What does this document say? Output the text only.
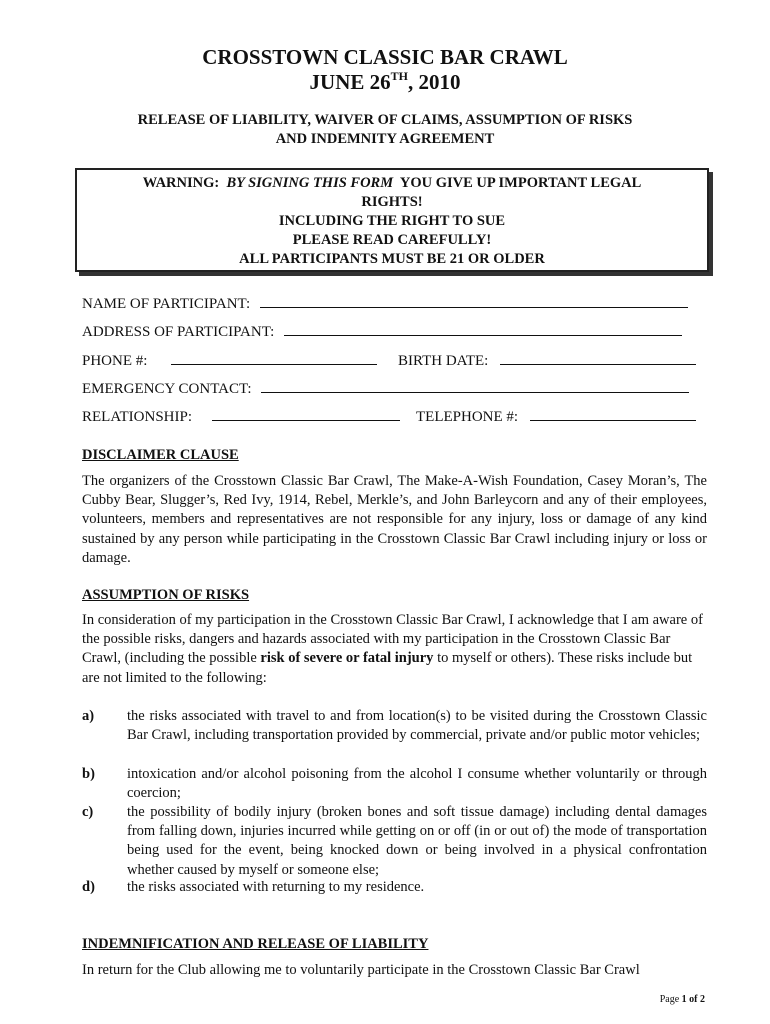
CROSSTOWN CLASSIC BAR CRAWL
JUNE 26TH, 2010
RELEASE OF LIABILITY, WAIVER OF CLAIMS, ASSUMPTION OF RISKS
AND INDEMNITY AGREEMENT
WARNING: BY SIGNING THIS FORM YOU GIVE UP IMPORTANT LEGAL
RIGHTS!
INCLUDING THE RIGHT TO SUE
PLEASE READ CAREFULLY!
ALL PARTICIPANTS MUST BE 21 OR OLDER
NAME OF PARTICIPANT:
ADDRESS OF PARTICIPANT:
PHONE #:	BIRTH DATE:
EMERGENCY CONTACT:
RELATIONSHIP:	TELEPHONE #:
DISCLAIMER CLAUSE
The organizers of the Crosstown Classic Bar Crawl, The Make-A-Wish Foundation, Casey Moran’s, The Cubby Bear, Slugger’s, Red Ivy, 1914, Rebel, Merkle’s, and John Barleycorn and any of their employees, volunteers, members and representatives are not responsible for any injury, loss or damage of any kind sustained by any person while participating in the Crosstown Classic Bar Crawl including injury or loss or damage.
ASSUMPTION OF RISKS
In consideration of my participation in the Crosstown Classic Bar Crawl, I acknowledge that I am aware of the possible risks, dangers and hazards associated with my participation in the Crosstown Classic Bar Crawl, (including the possible risk of severe or fatal injury to myself or others). These risks include but are not limited to the following:
a) the risks associated with travel to and from location(s) to be visited during the Crosstown Classic Bar Crawl, including transportation provided by commercial, private and/or public motor vehicles;
b) intoxication and/or alcohol poisoning from the alcohol I consume whether voluntarily or through coercion;
c) the possibility of bodily injury (broken bones and soft tissue damage) including dental damages from falling down, injuries incurred while getting on or off (in or out of) the mode of transportation being used for the event, being knocked down or being involved in a physical confrontation whether caused by myself or someone else;
d) the risks associated with returning to my residence.
INDEMNIFICATION AND RELEASE OF LIABILITY
In return for the Club allowing me to voluntarily participate in the Crosstown Classic Bar Crawl
Page 1 of 2
